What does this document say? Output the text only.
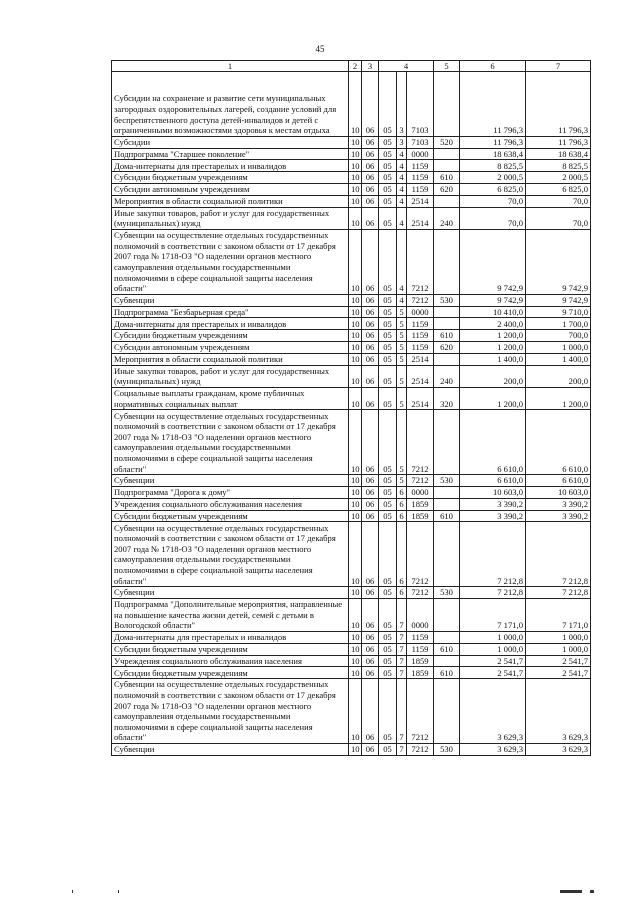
45
1	2	3	4			5	6	7
Субсидии на сохранение и развитие сети муниципальных загородных оздоровительных лагерей, создание условий для беспрепятственного доступа детей-инвалидов и детей с ограниченными возможностями здоровья к местам отдыха	10	06	05	3	7103		11 796,3	11 796,3
Субсидии	10	06	05	3	7103	520	11 796,3	11 796,3
Подпрограмма "Старшее поколение"	10	06	05	4	0000		18 638,4	18 638,4
Дома-интернаты для престарелых и инвалидов	10	06	05	4	1159		8 825,5	8 825,5
Субсидии бюджетным учреждениям	10	06	05	4	1159	610	2 000,5	2 000,5
Субсидии автономным учреждениям	10	06	05	4	1159	620	6 825,0	6 825,0
Мероприятия в области социальной политики	10	06	05	4	2514		70,0	70,0
Иные закупки товаров, работ и услуг для государственных (муниципальных) нужд	10	06	05	4	2514	240	70,0	70,0
Субвенции на осуществление отдельных государственных полномочий в соответствии с законом области от 17 декабря 2007 года № 1718-ОЗ "О наделении органов местного самоуправления отдельными государственными полномочиями в сфере социальной защиты населения области"	10	06	05	4	7212		9 742,9	9 742,9
Субвенции	10	06	05	4	7212	530	9 742,9	9 742,9
Подпрограмма "Безбарьерная среда"	10	06	05	5	0000		10 410,0	9 710,0
Дома-интернаты для престарелых и инвалидов	10	06	05	5	1159		2 400,0	1 700,0
Субсидии бюджетным учреждениям	10	06	05	5	1159	610	1 200,0	700,0
Субсидии автономным учреждениям	10	06	05	5	1159	620	1 200,0	1 000,0
Мероприятия в области социальной политики	10	06	05	5	2514		1 400,0	1 400,0
Иные закупки товаров, работ и услуг для государственных (муниципальных) нужд	10	06	05	5	2514	240	200,0	200,0
Социальные выплаты гражданам, кроме публичных нормативных социальных выплат	10	06	05	5	2514	320	1 200,0	1 200,0
Субвенции на осуществление отдельных государственных полномочий в соответствии с законом области от 17 декабря 2007 года № 1718-ОЗ "О наделении органов местного самоуправления отдельными государственными полномочиями в сфере социальной защиты населения области"	10	06	05	5	7212		6 610,0	6 610,0
Субвенции	10	06	05	5	7212	530	6 610,0	6 610,0
Подпрограмма "Дорога к дому"	10	06	05	6	0000		10 603,0	10 603,0
Учреждения социального обслуживания населения	10	06	05	6	1859		3 390,2	3 390,2
Субсидии бюджетным учреждениям	10	06	05	6	1859	610	3 390,2	3 390,2
Субвенции на осуществление отдельных государственных полномочий в соответствии с законом области от 17 декабря 2007 года № 1718-ОЗ "О наделении органов местного самоуправления отдельными государственными полномочиями в сфере социальной защиты населения области"	10	06	05	6	7212		7 212,8	7 212,8
Субвенции	10	06	05	6	7212	530	7 212,8	7 212,8
Подпрограмма "Дополнительные мероприятия, направленные на повышение качества жизни детей, семей с детьми в Вологодской области"	10	06	05	7	0000		7 171,0	7 171,0
Дома-интернаты для престарелых и инвалидов	10	06	05	7	1159		1 000,0	1 000,0
Субсидии бюджетным учреждениям	10	06	05	7	1159	610	1 000,0	1 000,0
Учреждения социального обслуживания населения	10	06	05	7	1859		2 541,7	2 541,7
Субсидии бюджетным учреждениям	10	06	05	7	1859	610	2 541,7	2 541,7
Субвенции на осуществление отдельных государственных полномочий в соответствии с законом области от 17 декабря 2007 года № 1718-ОЗ "О наделении органов местного самоуправления отдельными государственными полномочиями в сфере социальной защиты населения области"	10	06	05	7	7212		3 629,3	3 629,3
Субвенции	10	06	05	7	7212	530	3 629,3	3 629,3
